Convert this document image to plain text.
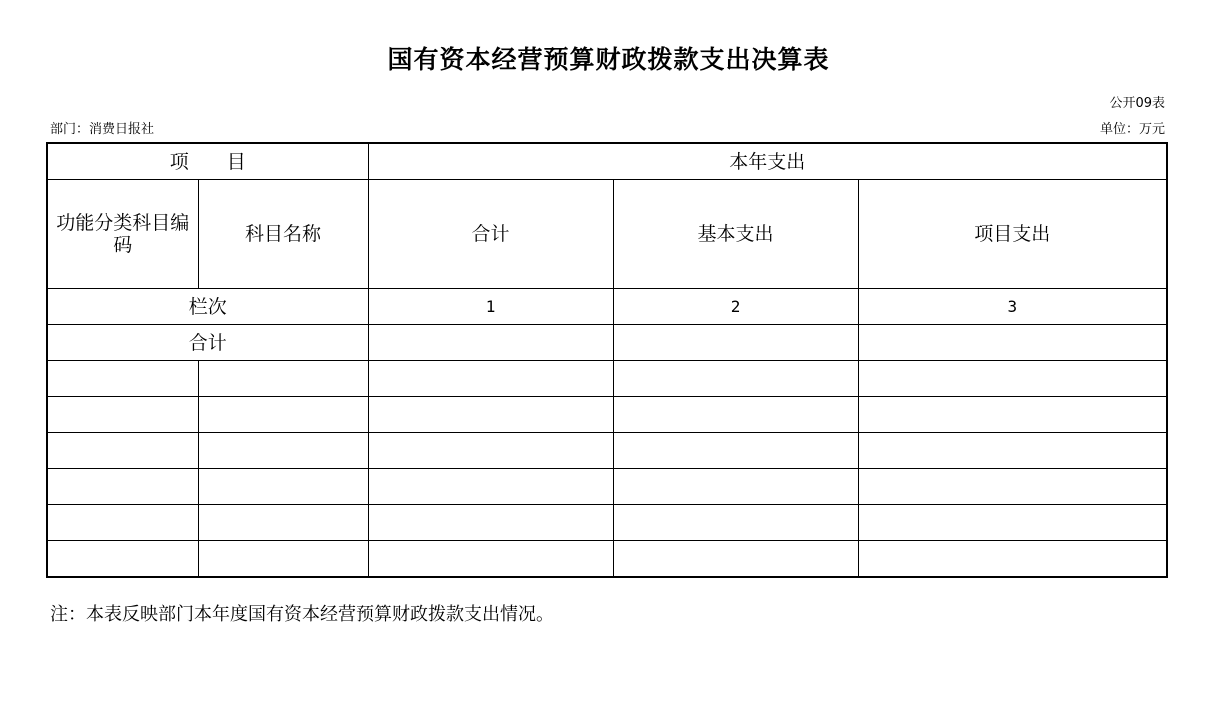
国有资本经营预算财政拨款支出决算表
公开09表
部门：消费日报社	单位：万元
项　　目		本年支出		
功能分类科目编码	科目名称	合计	基本支出	项目支出
栏次		1	2	3
合计				

注：本表反映部门本年度国有资本经营预算财政拨款支出情况。
